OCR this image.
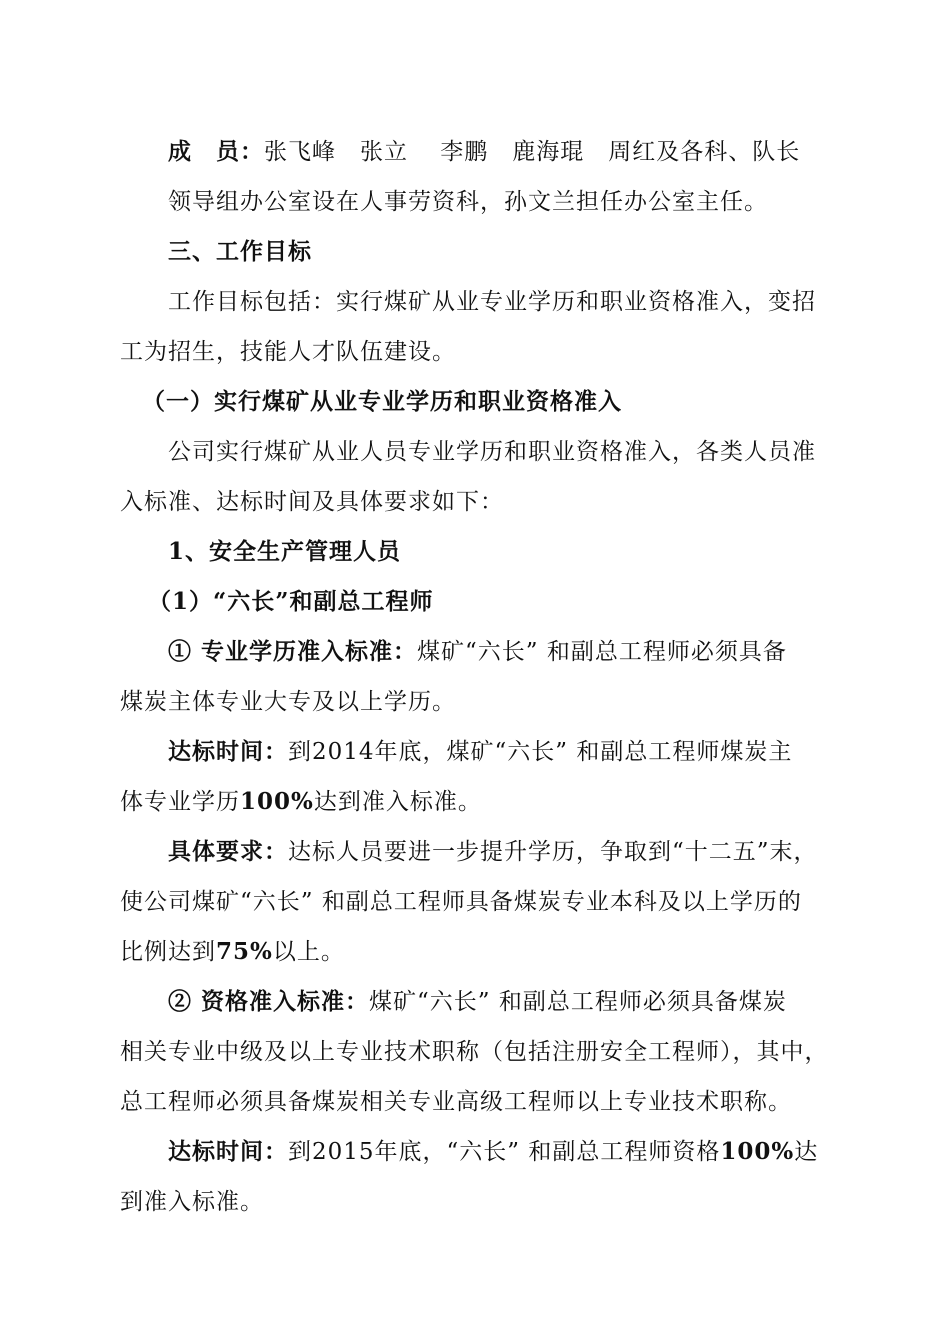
成　员：张飞峰　张立　 李鹏　鹿海琨　周红及各科、队长
领导组办公室设在人事劳资科，孙文兰担任办公室主任。
三、工作目标
工作目标包括：实行煤矿从业专业学历和职业资格准入，变招
工为招生，技能人才队伍建设。
（一）实行煤矿从业专业学历和职业资格准入
公司实行煤矿从业人员专业学历和职业资格准入，各类人员准
入标准、达标时间及具体要求如下：
1、安全生产管理人员
（1）“六长”和副总工程师
① 专业学历准入标准：煤矿“六长” 和副总工程师必须具备
煤炭主体专业大专及以上学历。
达标时间：到2014年底，煤矿“六长” 和副总工程师煤炭主
体专业学历100%达到准入标准。
具体要求：达标人员要进一步提升学历，争取到“十二五”末，
使公司煤矿“六长” 和副总工程师具备煤炭专业本科及以上学历的
比例达到75%以上。
② 资格准入标准：煤矿“六长” 和副总工程师必须具备煤炭
相关专业中级及以上专业技术职称（包括注册安全工程师），其中，
总工程师必须具备煤炭相关专业高级工程师以上专业技术职称。
达标时间：到2015年底，“六长” 和副总工程师资格100%达
到准入标准。
